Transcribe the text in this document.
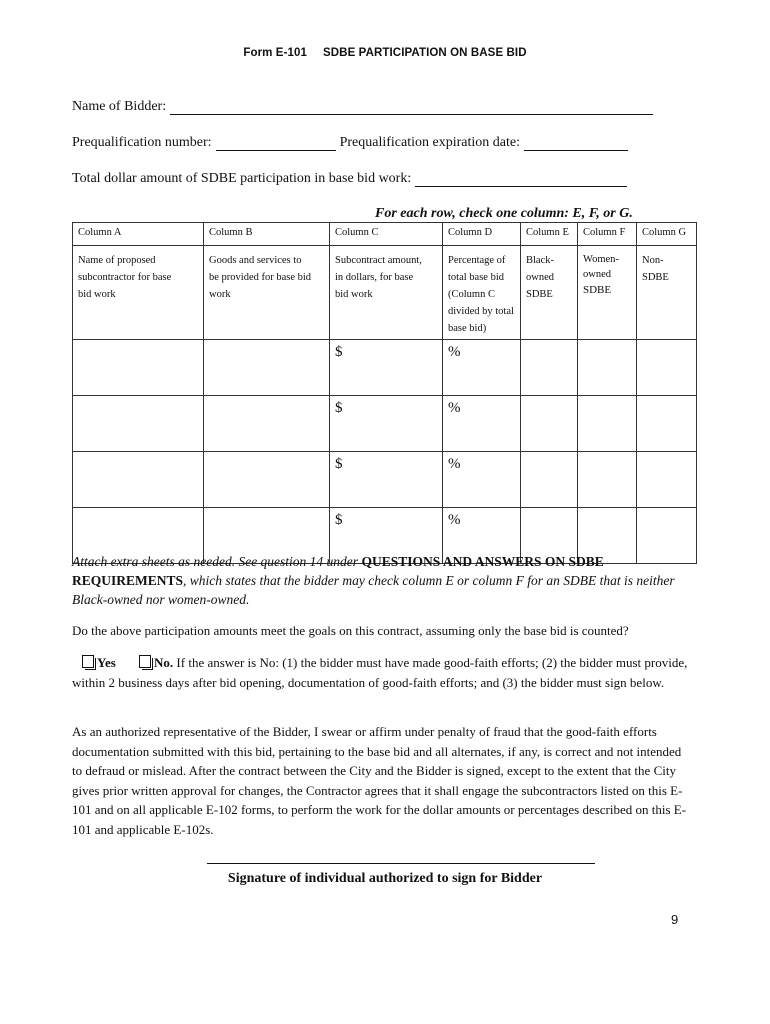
Form E-101 SDBE PARTICIPATION ON BASE BID
Name of Bidder:
Prequalification number:	Prequalification expiration date:
Total dollar amount of SDBE participation in base bid work:
For each row, check one column: E, F, or G.
Column A	Column B	Column C	Column D	Column E	Column F	Column G
Name of proposed
subcontractor for base
bid work	Goods and services to
be provided for base bid
work	Subcontract amount,
in dollars, for base
bid work	Percentage of
total base bid
(Column C
divided by total
base bid)	Black-
owned
SDBE	Women-
owned
SDBE	Non-
SDBE
		$	%			
		$	%			
		$	%			
		$	%			
Attach extra sheets as needed. See question 14 under QUESTIONS AND ANSWERS ON SDBE REQUIREMENTS, which states that the bidder may check column E or column F for an SDBE that is neither Black-owned nor women-owned.
Do the above participation amounts meet the goals on this contract, assuming only the base bid is counted?
Yes	No. If the answer is No: (1) the bidder must have made good-faith efforts; (2) the bidder must provide, within 2 business days after bid opening, documentation of good-faith efforts; and (3) the bidder must sign below.
As an authorized representative of the Bidder, I swear or affirm under penalty of fraud that the good-faith efforts documentation submitted with this bid, pertaining to the base bid and all alternates, if any, is correct and not intended to defraud or mislead. After the contract between the City and the Bidder is signed, except to the extent that the City gives prior written approval for changes, the Contractor agrees that it shall engage the subcontractors listed on this E-101 and on all applicable E-102 forms, to perform the work for the dollar amounts or percentages described on this E-101 and applicable E-102s.
Signature of individual authorized to sign for Bidder
9
